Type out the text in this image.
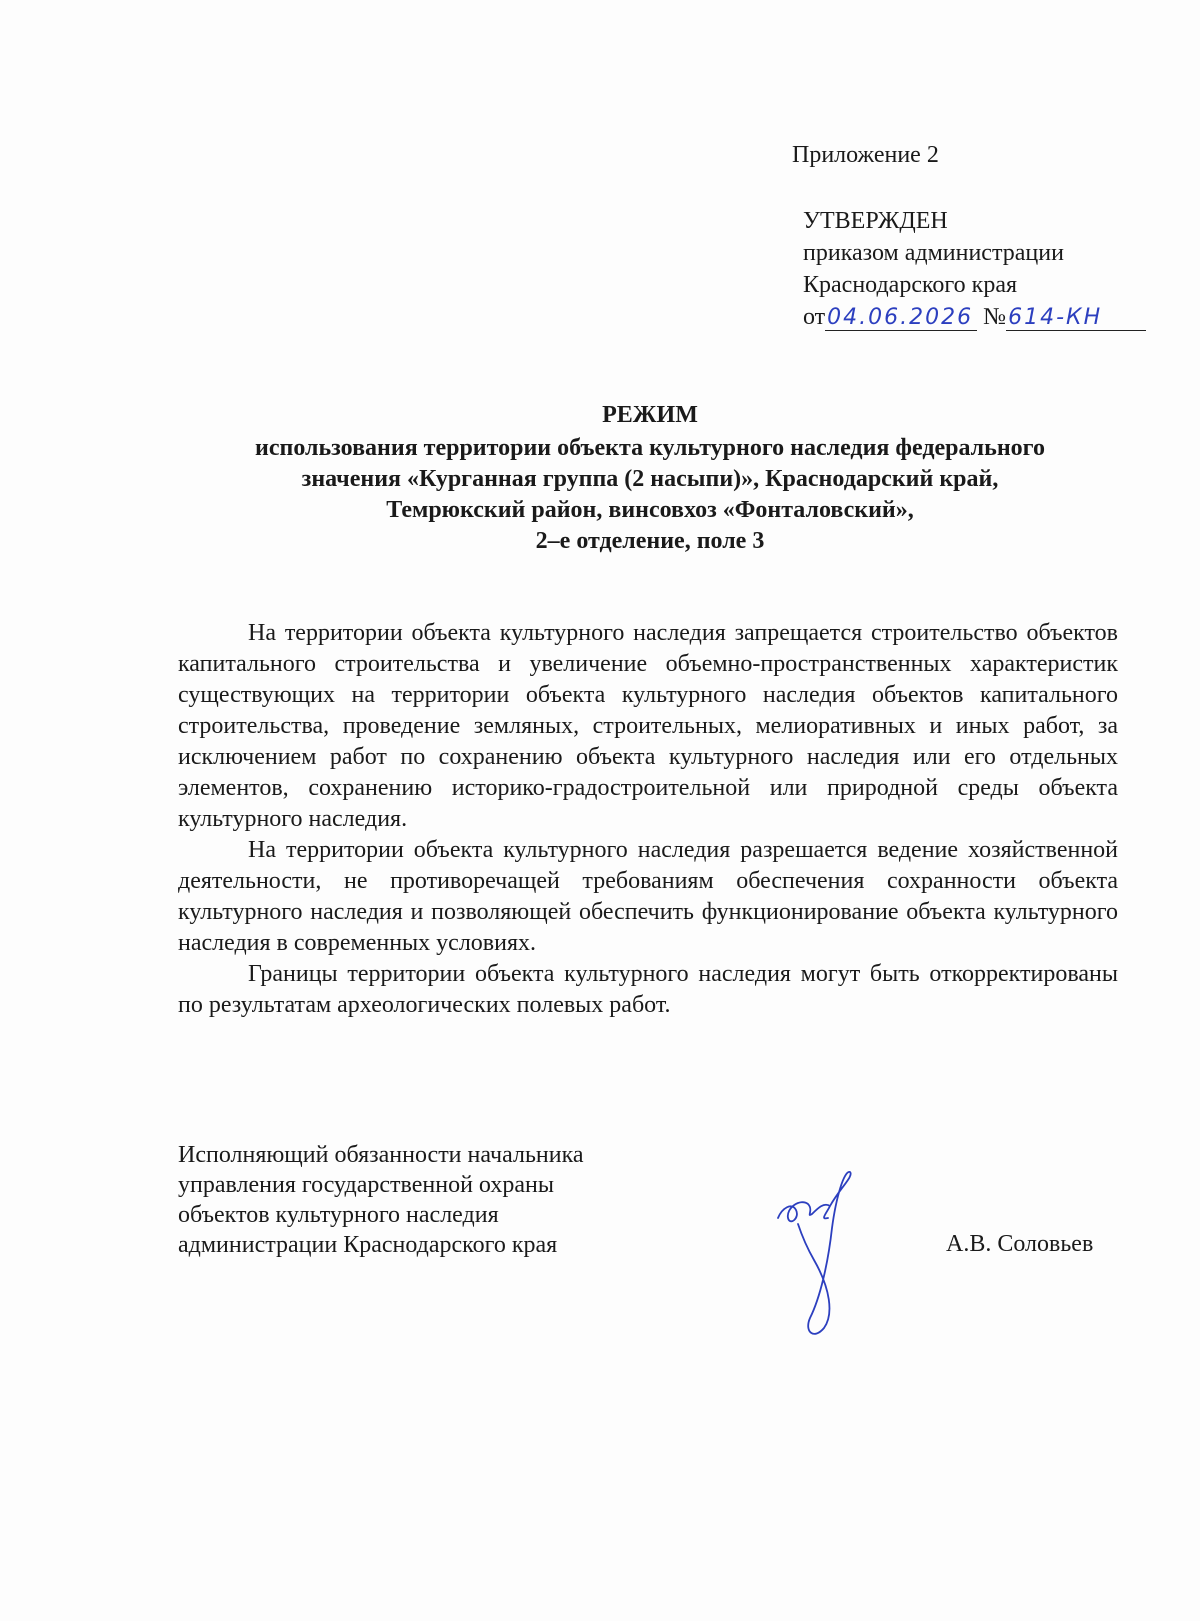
Приложение 2
УТВЕРЖДЕН
приказом администрации
Краснодарского края
от04.06.2026 №614-КН
РЕЖИМ
использования территории объекта культурного наследия федерального
значения «Курганная группа (2 насыпи)», Краснодарский край,
Темрюкский район, винсовхоз «Фонталовский»,
2–е отделение, поле 3

На территории объекта культурного наследия запрещается строительство объектов капитального строительства и увеличение объемно-пространственных характеристик существующих на территории объекта культурного наследия объектов капитального строительства, проведение земляных, строительных, мелиоративных и иных работ, за исключением работ по сохранению объекта культурного наследия или его отдельных элементов, сохранению историко-градостроительной или природной среды объекта культурного наследия.

На территории объекта культурного наследия разрешается ведение хозяйственной деятельности, не противоречащей требованиям обеспечения сохранности объекта культурного наследия и позволяющей обеспечить функционирование объекта культурного наследия в современных условиях.

Границы территории объекта культурного наследия могут быть откорректированы по результатам археологических полевых работ.

Исполняющий обязанности начальника
управления государственной охраны
объектов культурного наследия
администрации Краснодарского края	А.В. Соловьев
